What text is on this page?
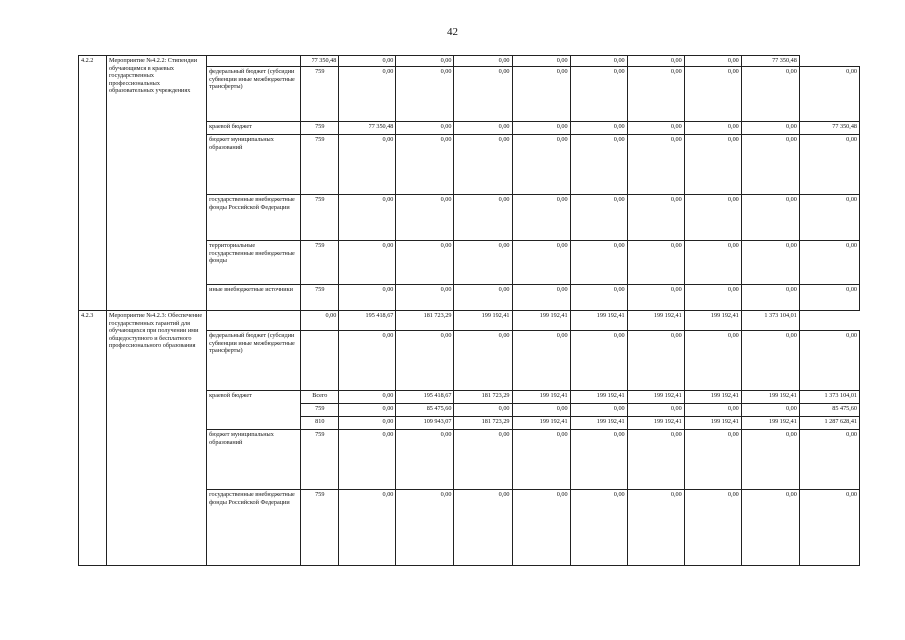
42
4.2.2	Мероприятие №4.2.2: Стипендии обучающимся в краевых государственных профессиональных образовательных учреждениях		77 350,48	0,00	0,00	0,00	0,00	0,00	0,00	0,00	77 350,48	
		федеральный бюджет (субсидии субвенции иные межбюджетные трансферты)	759	0,00	0,00	0,00	0,00	0,00	0,00	0,00	0,00	0,00
		краевой бюджет	759	77 350,48	0,00	0,00	0,00	0,00	0,00	0,00	0,00	77 350,48
		бюджет муниципальных образований	759	0,00	0,00	0,00	0,00	0,00	0,00	0,00	0,00	0,00
		государственные внебюджетные фонды Российской Федерации	759	0,00	0,00	0,00	0,00	0,00	0,00	0,00	0,00	0,00
		территориальные государственные внебюджетные фонды	759	0,00	0,00	0,00	0,00	0,00	0,00	0,00	0,00	0,00
		иные внебюджетные источники	759	0,00	0,00	0,00	0,00	0,00	0,00	0,00	0,00	0,00
4.2.3	Мероприятие №4.2.3: Обеспечение государственных гарантий для обучающихся при получении ими общедоступного и бесплатного профессионального образования		0,00	195 418,67	181 723,29	199 192,41	199 192,41	199 192,41	199 192,41	199 192,41	1 373 104,01	
		федеральный бюджет (субсидии субвенции иные межбюджетные трансферты)		0,00	0,00	0,00	0,00	0,00	0,00	0,00	0,00	0,00
		краевой бюджет	Всего	0,00	195 418,67	181 723,29	199 192,41	199 192,41	199 192,41	199 192,41	199 192,41	1 373 104,01
			759	0,00	85 475,60	0,00	0,00	0,00	0,00	0,00	0,00	85 475,60
			810	0,00	109 943,07	181 723,29	199 192,41	199 192,41	199 192,41	199 192,41	199 192,41	1 287 628,41
		бюджет муниципальных образований	759	0,00	0,00	0,00	0,00	0,00	0,00	0,00	0,00	0,00
		государственные внебюджетные фонды Российской Федерации	759	0,00	0,00	0,00	0,00	0,00	0,00	0,00	0,00	0,00
